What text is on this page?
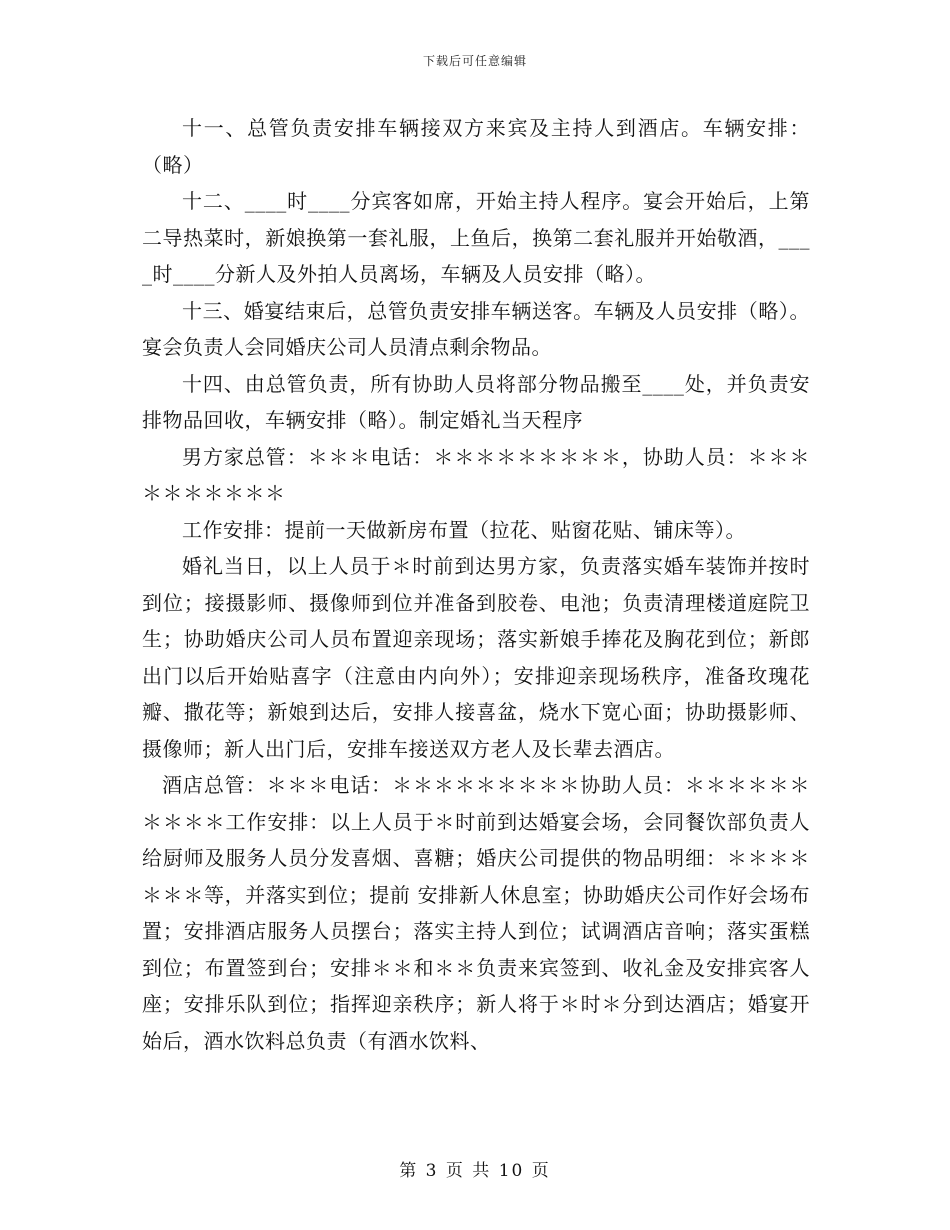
下载后可任意编辑

十一、总管负责安排车辆接双方来宾及主持人到酒店。车辆安排：（略）

十二、____时____分宾客如席，开始主持人程序。宴会开始后，上第二导热菜时，新娘换第一套礼服，上鱼后，换第二套礼服并开始敬酒，____时____分新人及外拍人员离场，车辆及人员安排（略）。

十三、婚宴结束后，总管负责安排车辆送客。车辆及人员安排（略）。宴会负责人会同婚庆公司人员清点剩余物品。

十四、由总管负责，所有协助人员将部分物品搬至____处，并负责安排物品回收，车辆安排（略）。制定婚礼当天程序

男方家总管：＊＊＊电话：＊＊＊＊＊＊＊＊＊，协助人员：＊＊＊＊＊＊＊＊＊＊

工作安排：提前一天做新房布置（拉花、贴窗花贴、铺床等）。

婚礼当日，以上人员于＊时前到达男方家，负责落实婚车装饰并按时到位；接摄影师、摄像师到位并准备到胶卷、电池；负责清理楼道庭院卫生；协助婚庆公司人员布置迎亲现场；落实新娘手捧花及胸花到位；新郎出门以后开始贴喜字（注意由内向外）；安排迎亲现场秩序，准备玫瑰花瓣、撒花等；新娘到达后，安排人接喜盆，烧水下宽心面；协助摄影师、摄像师；新人出门后，安排车接送双方老人及长辈去酒店。

酒店总管：＊＊＊电话：＊＊＊＊＊＊＊＊＊协助人员：＊＊＊＊＊＊＊＊＊＊工作安排：以上人员于＊时前到达婚宴会场，会同餐饮部负责人给厨师及服务人员分发喜烟、喜糖；婚庆公司提供的物品明细：＊＊＊＊＊＊＊等，并落实到位；提前 安排新人休息室；协助婚庆公司作好会场布置；安排酒店服务人员摆台；落实主持人到位；试调酒店音响；落实蛋糕到位；布置签到台；安排＊＊和＊＊负责来宾签到、收礼金及安排宾客人座；安排乐队到位；指挥迎亲秩序；新人将于＊时＊分到达酒店；婚宴开始后，酒水饮料总负责（有酒水饮料、

第 3 页 共 10 页
